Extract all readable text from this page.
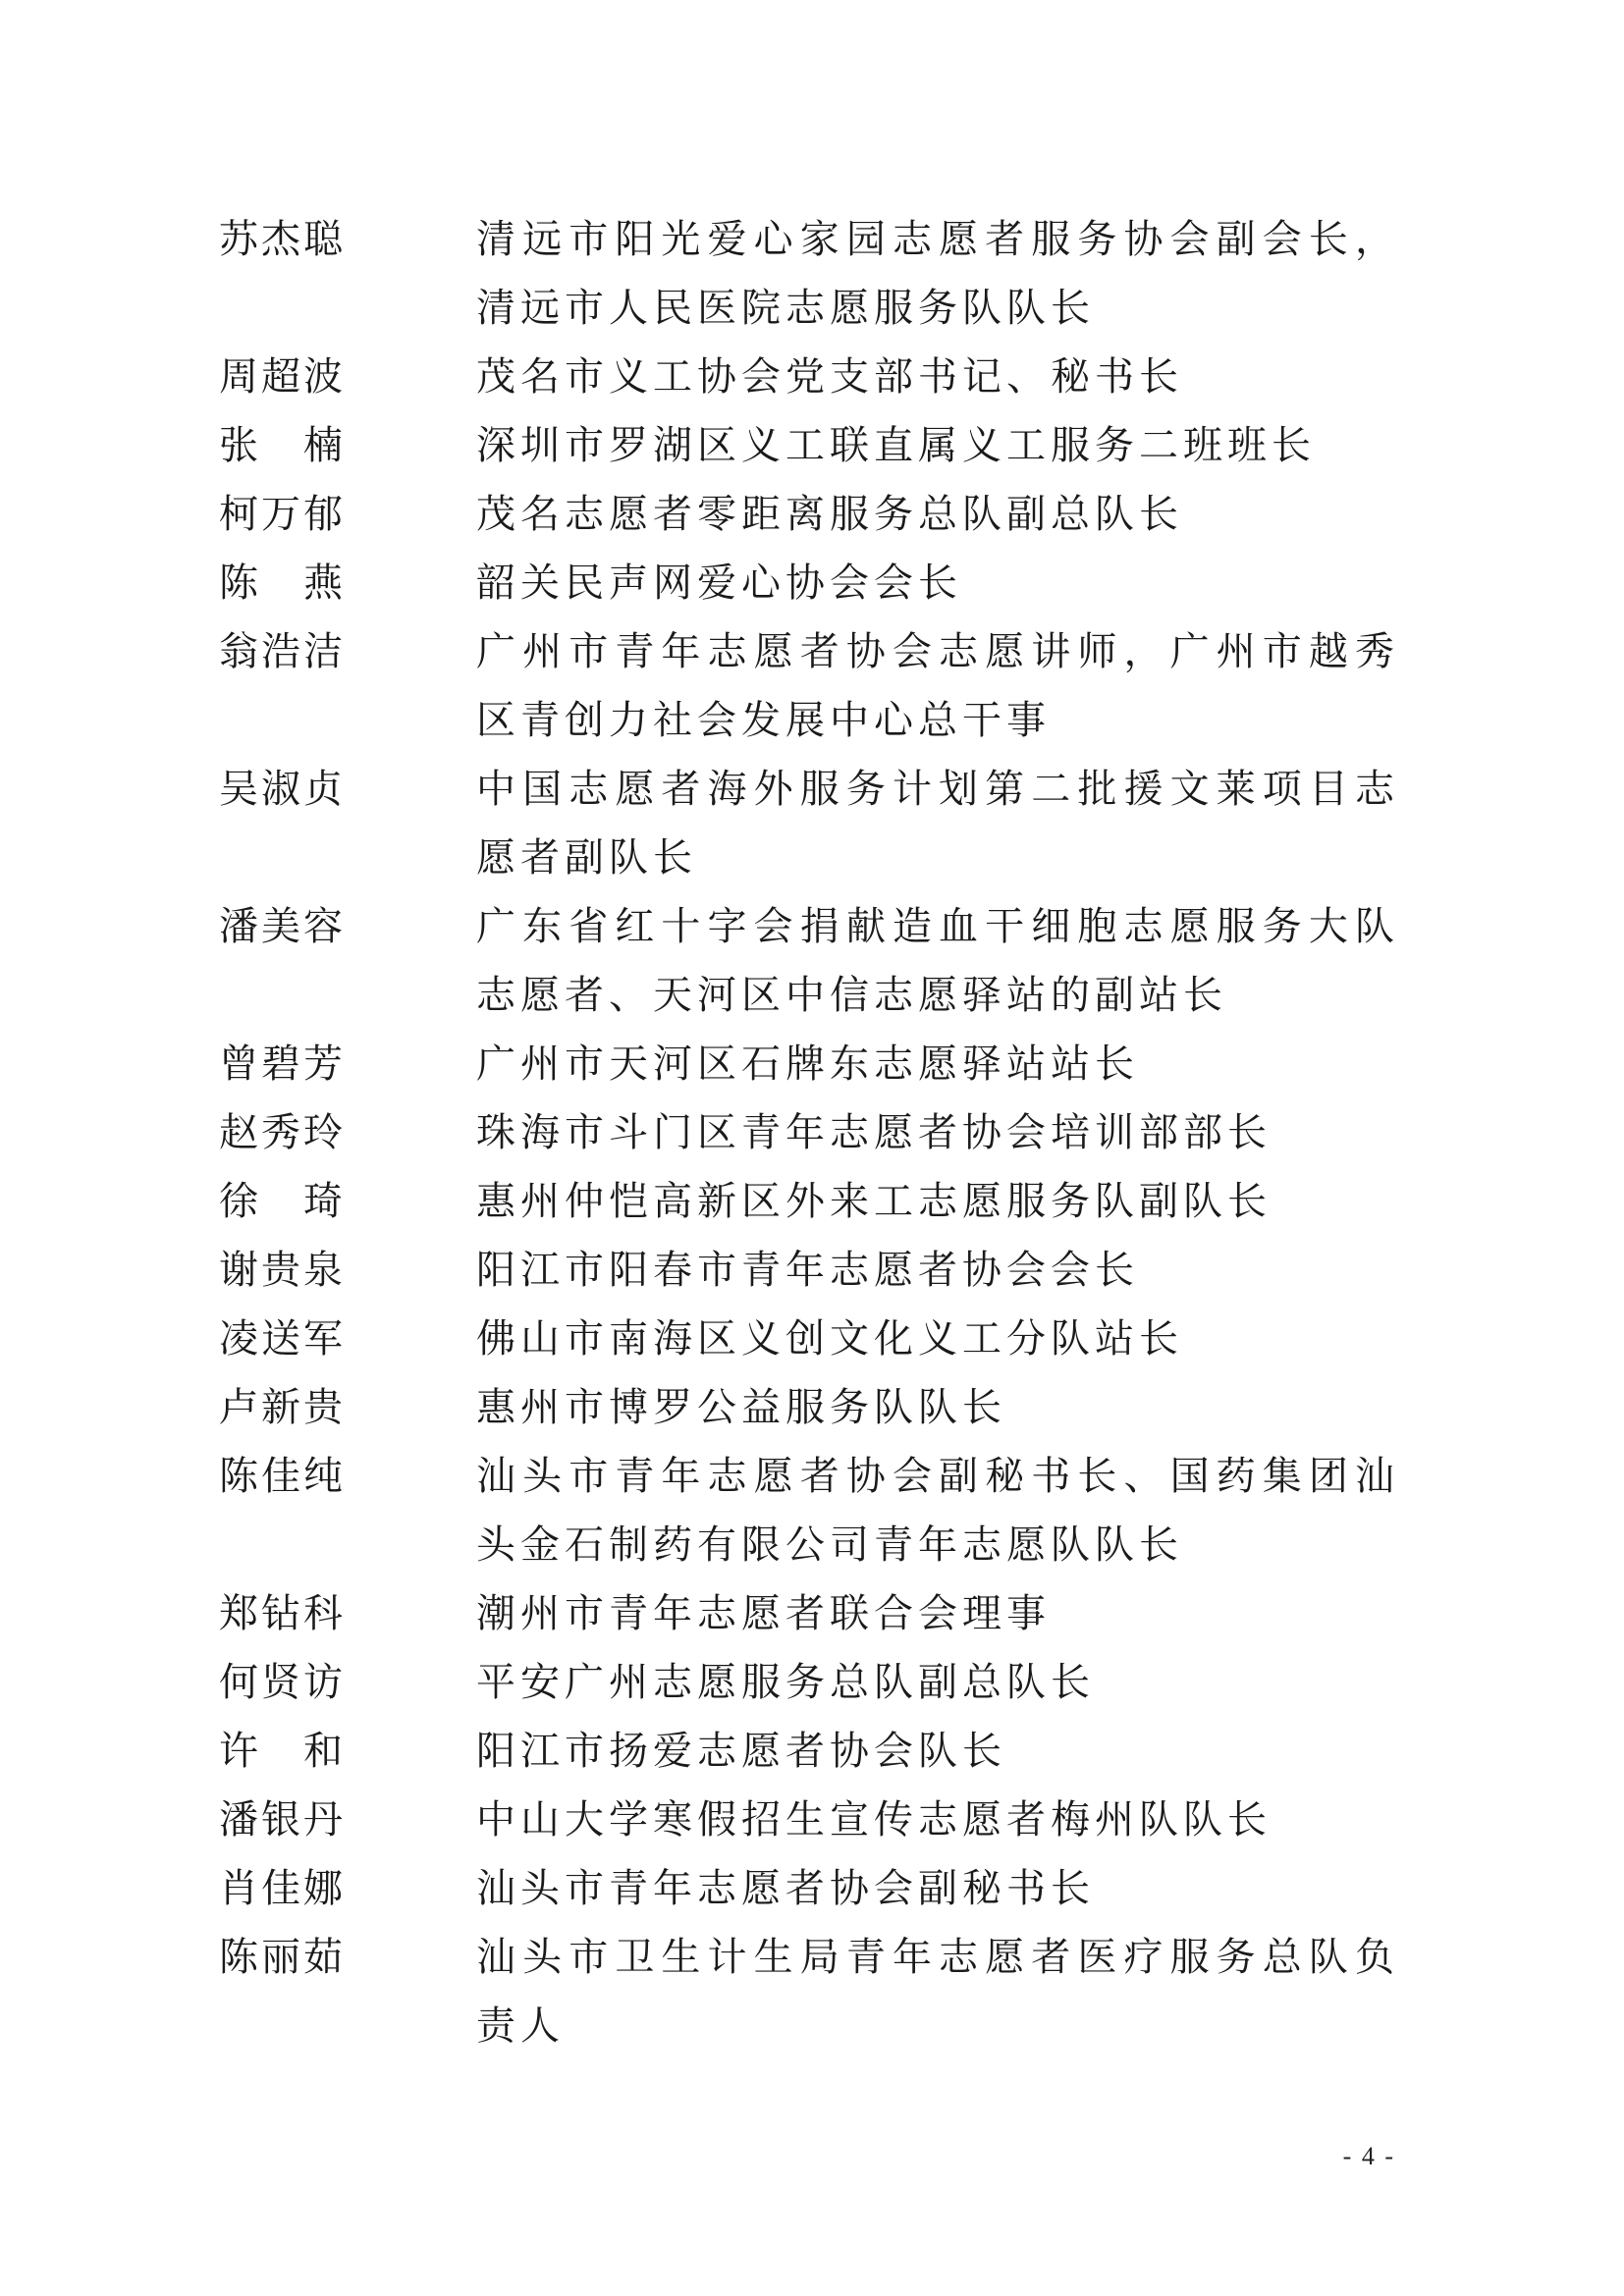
苏杰聪	清远市阳光爱心家园志愿者服务协会副会长，清远市人民医院志愿服务队队长
周超波	茂名市义工协会党支部书记、秘书长
张　楠	深圳市罗湖区义工联直属义工服务二班班长
柯万郁	茂名志愿者零距离服务总队副总队长
陈　燕	韶关民声网爱心协会会长
翁浩洁	广州市青年志愿者协会志愿讲师，广州市越秀区青创力社会发展中心总干事
吴淑贞	中国志愿者海外服务计划第二批援文莱项目志愿者副队长
潘美容	广东省红十字会捐献造血干细胞志愿服务大队志愿者、天河区中信志愿驿站的副站长
曾碧芳	广州市天河区石牌东志愿驿站站长
赵秀玲	珠海市斗门区青年志愿者协会培训部部长
徐　琦	惠州仲恺高新区外来工志愿服务队副队长
谢贵泉	阳江市阳春市青年志愿者协会会长
凌送军	佛山市南海区义创文化义工分队站长
卢新贵	惠州市博罗公益服务队队长
陈佳纯	汕头市青年志愿者协会副秘书长、国药集团汕头金石制药有限公司青年志愿队队长
郑钻科	潮州市青年志愿者联合会理事
何贤访	平安广州志愿服务总队副总队长
许　和	阳江市扬爱志愿者协会队长
潘银丹	中山大学寒假招生宣传志愿者梅州队队长
肖佳娜	汕头市青年志愿者协会副秘书长
陈丽茹	汕头市卫生计生局青年志愿者医疗服务总队负责人
- 4 -
